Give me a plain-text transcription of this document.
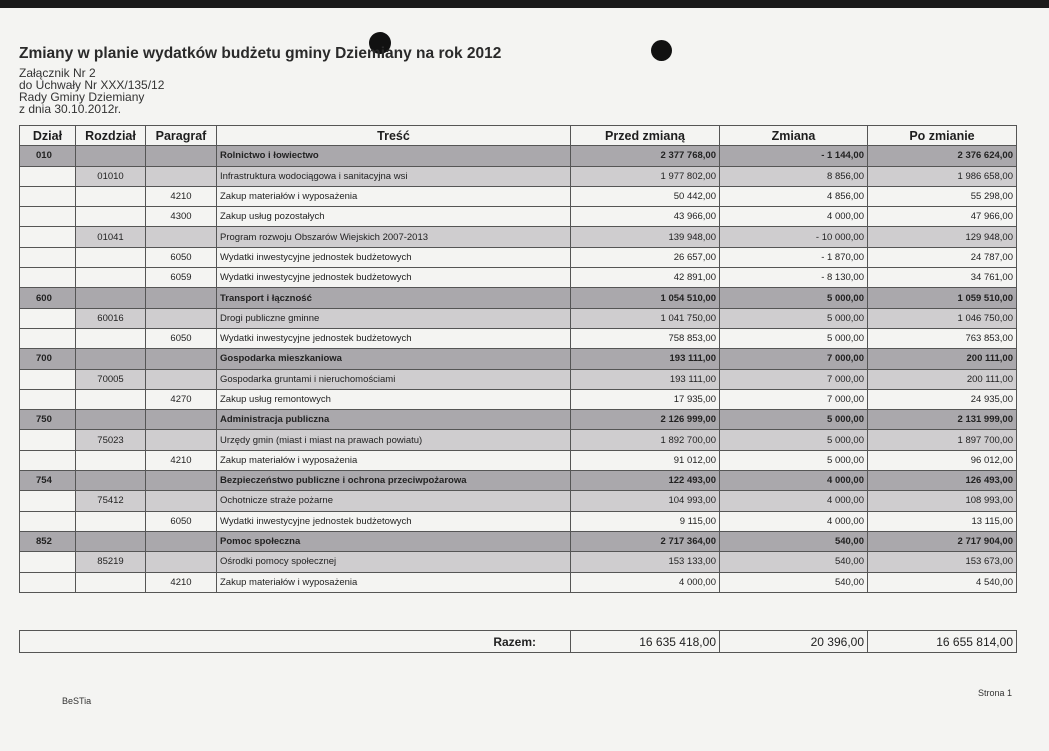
Zmiany w planie wydatków budżetu gminy Dziemiany na rok 2012
Załącznik Nr 2
do Uchwały Nr XXX/135/12
Rady Gminy Dziemiany
z dnia 30.10.2012r.
Dział	Rozdział	Paragraf	Treść	Przed zmianą	Zmiana	Po zmianie
010			Rolnictwo i łowiectwo	2 377 768,00	- 1 144,00	2 376 624,00
	01010		Infrastruktura wodociągowa i sanitacyjna wsi	1 977 802,00	8 856,00	1 986 658,00
		4210	Zakup materiałów i wyposażenia	50 442,00	4 856,00	55 298,00
		4300	Zakup usług pozostałych	43 966,00	4 000,00	47 966,00
	01041		Program rozwoju Obszarów Wiejskich 2007-2013	139 948,00	- 10 000,00	129 948,00
		6050	Wydatki inwestycyjne jednostek budżetowych	26 657,00	- 1 870,00	24 787,00
		6059	Wydatki inwestycyjne jednostek budżetowych	42 891,00	- 8 130,00	34 761,00
600			Transport i łączność	1 054 510,00	5 000,00	1 059 510,00
	60016		Drogi publiczne gminne	1 041 750,00	5 000,00	1 046 750,00
		6050	Wydatki inwestycyjne jednostek budżetowych	758 853,00	5 000,00	763 853,00
700			Gospodarka mieszkaniowa	193 111,00	7 000,00	200 111,00
	70005		Gospodarka gruntami i nieruchomościami	193 111,00	7 000,00	200 111,00
		4270	Zakup usług remontowych	17 935,00	7 000,00	24 935,00
750			Administracja publiczna	2 126 999,00	5 000,00	2 131 999,00
	75023		Urzędy gmin (miast i miast na prawach powiatu)	1 892 700,00	5 000,00	1 897 700,00
		4210	Zakup materiałów i wyposażenia	91 012,00	5 000,00	96 012,00
754			Bezpieczeństwo publiczne i ochrona przeciwpożarowa	122 493,00	4 000,00	126 493,00
	75412		Ochotnicze straże pożarne	104 993,00	4 000,00	108 993,00
		6050	Wydatki inwestycyjne jednostek budżetowych	9 115,00	4 000,00	13 115,00
852			Pomoc społeczna	2 717 364,00	540,00	2 717 904,00
	85219		Ośrodki pomocy społecznej	153 133,00	540,00	153 673,00
		4210	Zakup materiałów i wyposażenia	4 000,00	540,00	4 540,00
Razem:	16 635 418,00	20 396,00	16 655 814,00
BeSTia
Strona 1
